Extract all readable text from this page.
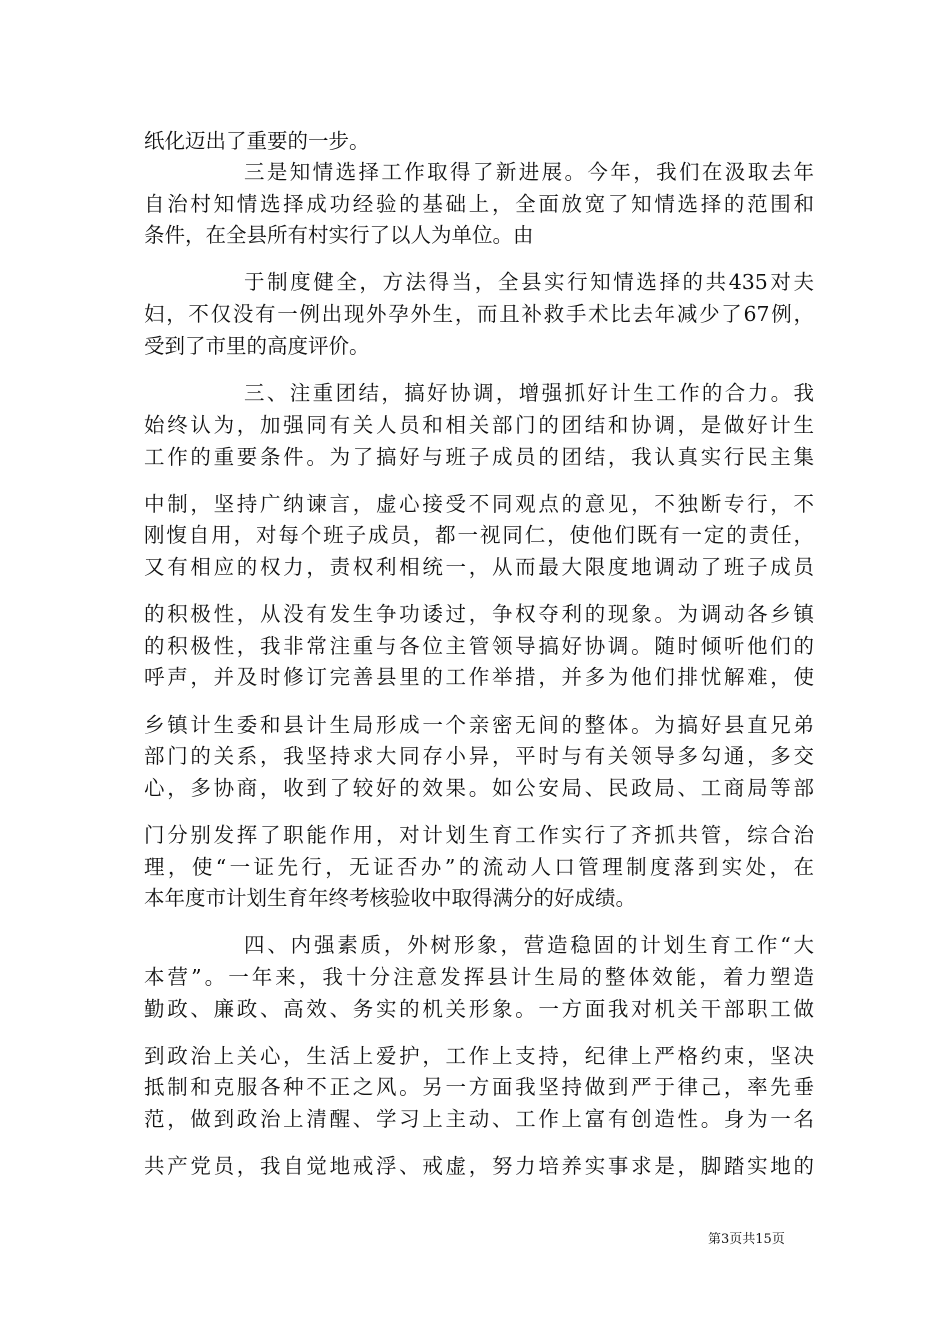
纸化迈出了重要的一步。
三是知情选择工作取得了新进展。今年，我们在汲取去年
自治村知情选择成功经验的基础上，全面放宽了知情选择的范围和
条件，在全县所有村实行了以人为单位。由
于制度健全，方法得当，全县实行知情选择的共435对夫
妇，不仅没有一例出现外孕外生，而且补救手术比去年减少了67例，
受到了市里的高度评价。
三、注重团结，搞好协调，增强抓好计生工作的合力。我
始终认为，加强同有关人员和相关部门的团结和协调，是做好计生
工作的重要条件。为了搞好与班子成员的团结，我认真实行民主集
中制，坚持广纳谏言，虚心接受不同观点的意见，不独断专行，不
刚愎自用，对每个班子成员，都一视同仁，使他们既有一定的责任，
又有相应的权力，责权利相统一，从而最大限度地调动了班子成员
的积极性，从没有发生争功诿过，争权夺利的现象。为调动各乡镇
的积极性，我非常注重与各位主管领导搞好协调。随时倾听他们的
呼声，并及时修订完善县里的工作举措，并多为他们排忧解难，使
乡镇计生委和县计生局形成一个亲密无间的整体。为搞好县直兄弟
部门的关系，我坚持求大同存小异，平时与有关领导多勾通，多交
心，多协商，收到了较好的效果。如公安局、民政局、工商局等部
门分别发挥了职能作用，对计划生育工作实行了齐抓共管，综合治
理，使“一证先行，无证否办”的流动人口管理制度落到实处，在
本年度市计划生育年终考核验收中取得满分的好成绩。
四、内强素质，外树形象，营造稳固的计划生育工作“大
本营”。一年来，我十分注意发挥县计生局的整体效能，着力塑造
勤政、廉政、高效、务实的机关形象。一方面我对机关干部职工做
到政治上关心，生活上爱护，工作上支持，纪律上严格约束，坚决
抵制和克服各种不正之风。另一方面我坚持做到严于律己，率先垂
范，做到政治上清醒、学习上主动、工作上富有创造性。身为一名
共产党员，我自觉地戒浮、戒虚，努力培养实事求是，脚踏实地的
第3页共15页
